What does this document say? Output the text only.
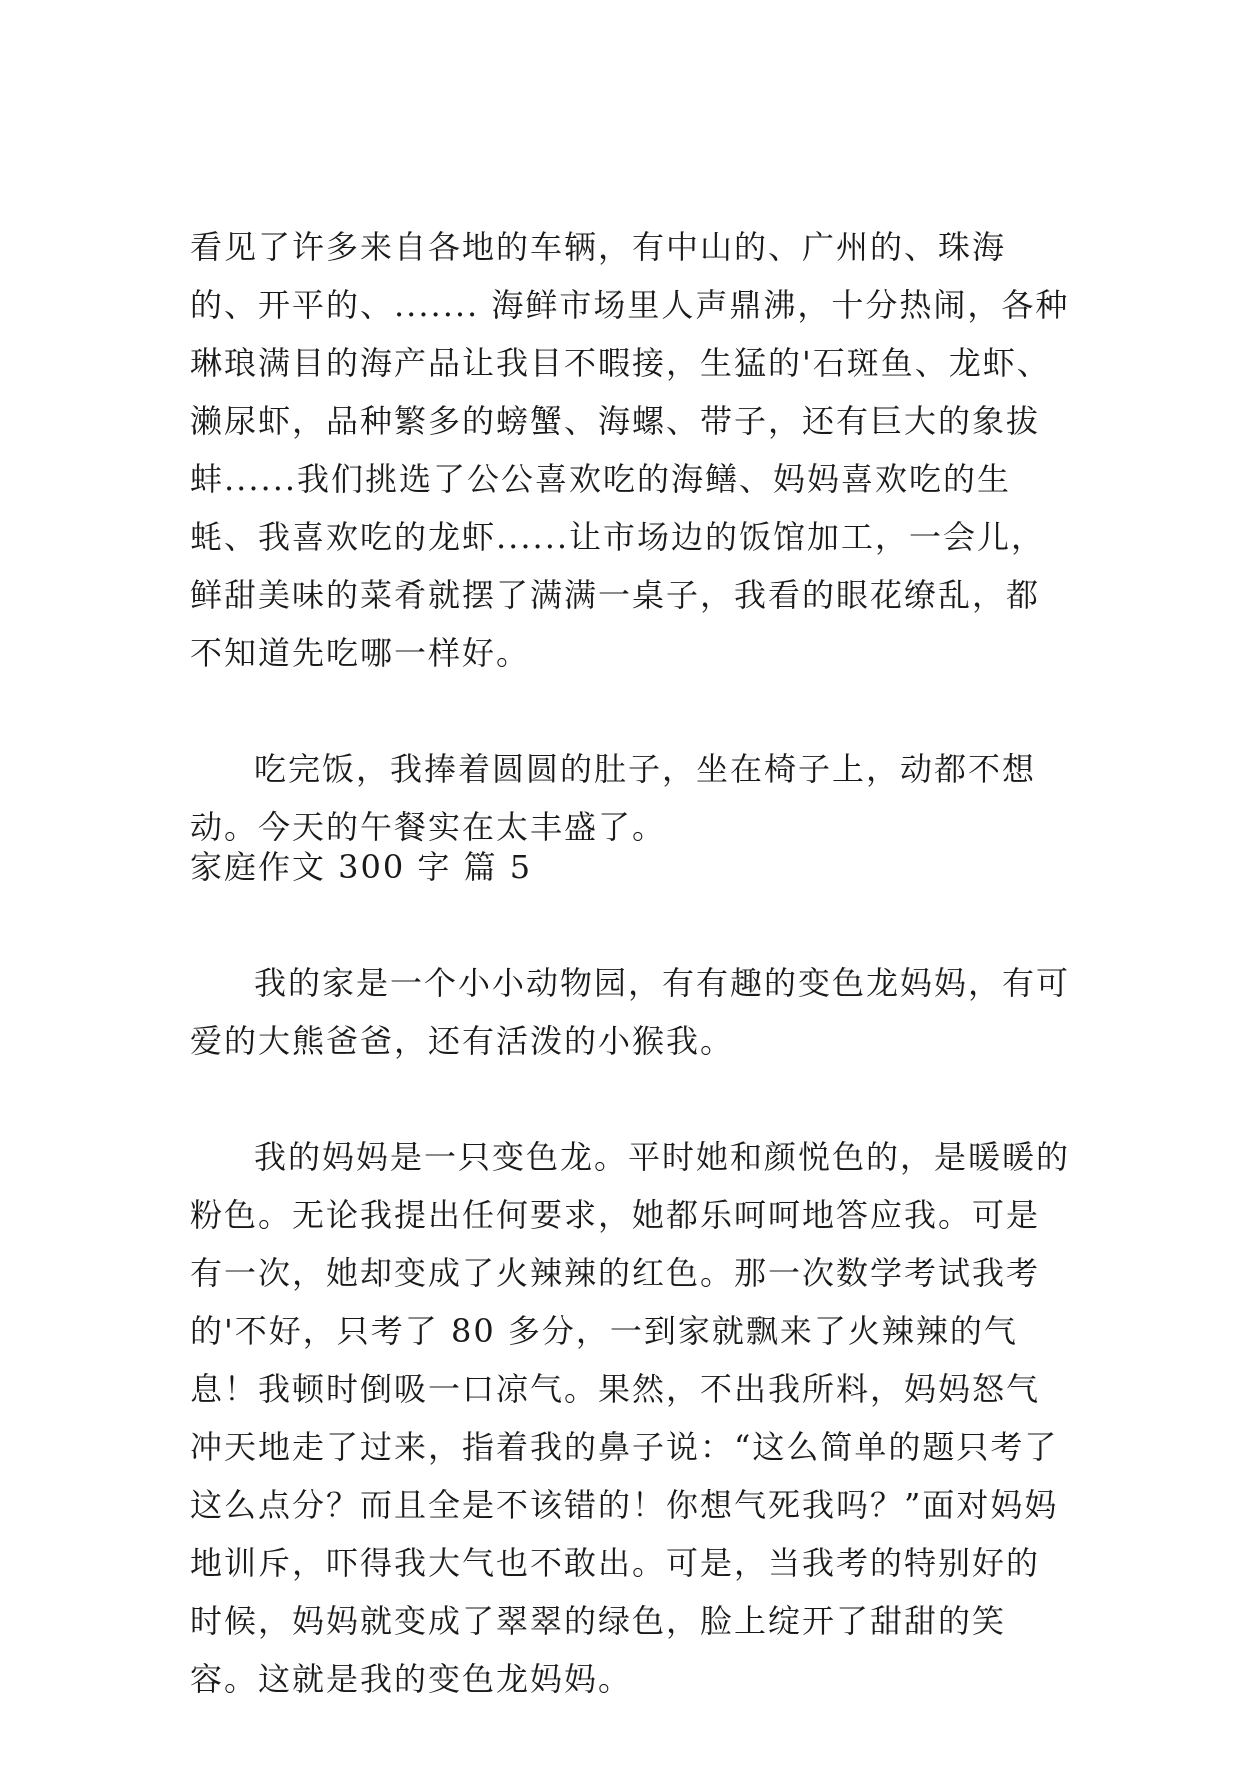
看见了许多来自各地的车辆，有中山的、广州的、珠海的、开平的、....... 海鲜市场里人声鼎沸，十分热闹，各种琳琅满目的海产品让我目不暇接，生猛的'石斑鱼、龙虾、濑尿虾，品种繁多的螃蟹、海螺、带子，还有巨大的象拔蚌......我们挑选了公公喜欢吃的海鳝、妈妈喜欢吃的生蚝、我喜欢吃的龙虾......让市场边的饭馆加工，一会儿，鲜甜美味的菜肴就摆了满满一桌子，我看的眼花缭乱，都不知道先吃哪一样好。

吃完饭，我捧着圆圆的肚子，坐在椅子上，动都不想动。今天的午餐实在太丰盛了。

家庭作文 300 字 篇 5

我的家是一个小小动物园，有有趣的变色龙妈妈，有可爱的大熊爸爸，还有活泼的小猴我。

我的妈妈是一只变色龙。平时她和颜悦色的，是暖暖的粉色。无论我提出任何要求，她都乐呵呵地答应我。可是有一次，她却变成了火辣辣的红色。那一次数学考试我考的'不好，只考了 80 多分，一到家就飘来了火辣辣的气息！我顿时倒吸一口凉气。果然，不出我所料，妈妈怒气冲天地走了过来，指着我的鼻子说：“这么简单的题只考了这么点分？而且全是不该错的！你想气死我吗？”面对妈妈地训斥，吓得我大气也不敢出。可是，当我考的特别好的时候，妈妈就变成了翠翠的绿色，脸上绽开了甜甜的笑容。这就是我的变色龙妈妈。
